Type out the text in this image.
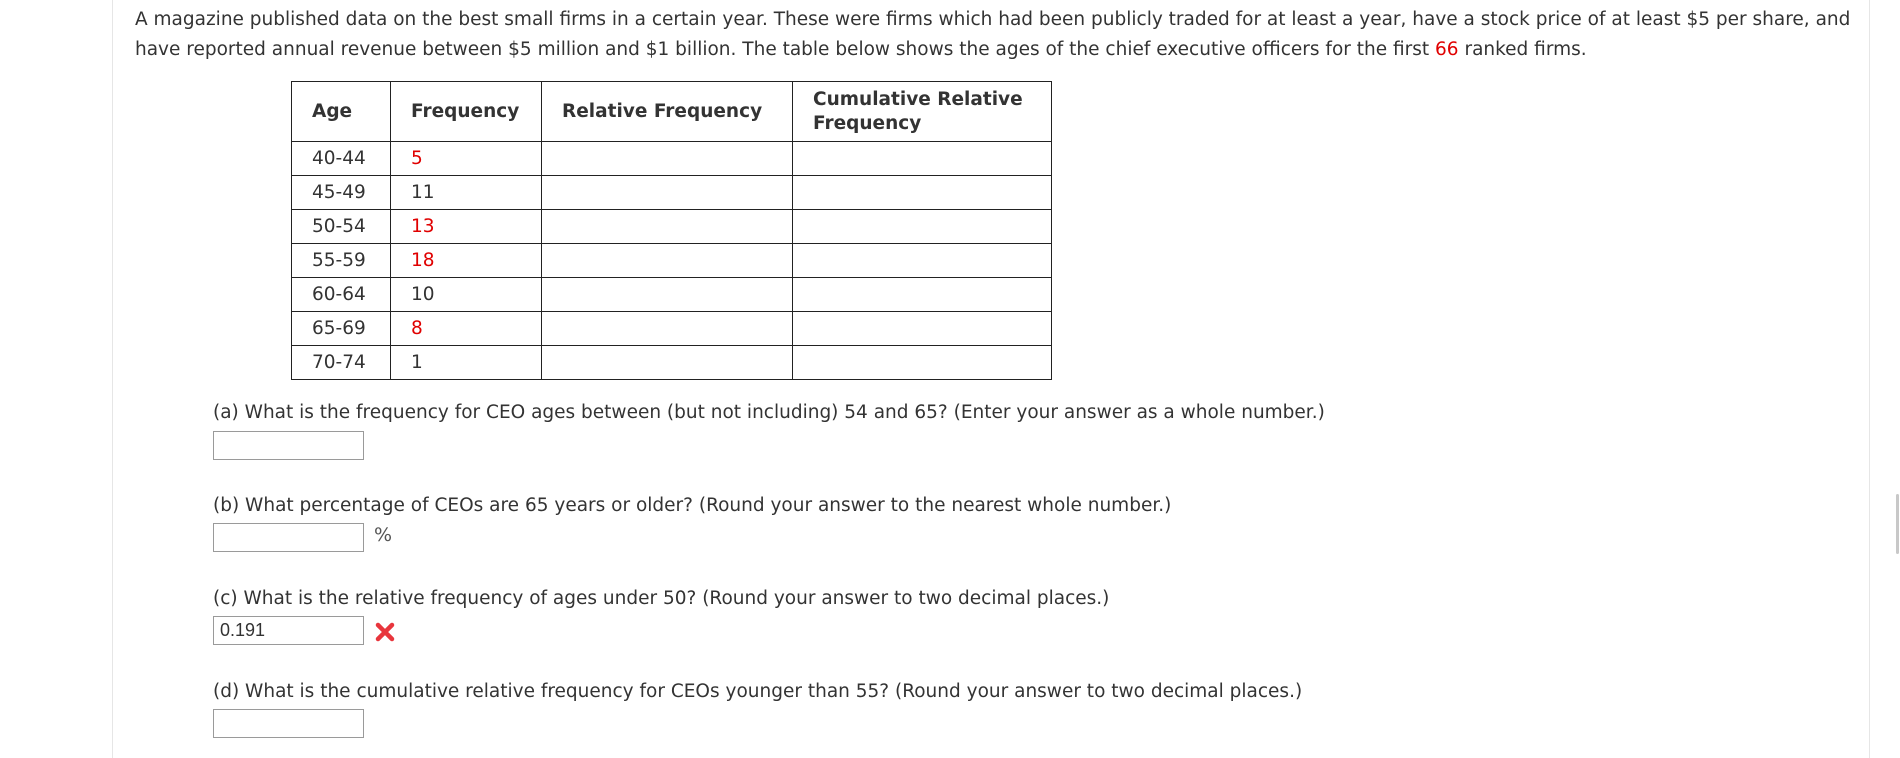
A magazine published data on the best small firms in a certain year. These were firms which had been publicly traded for at least a year, have a stock price of at least $5 per share, and have reported annual revenue between $5 million and $1 billion. The table below shows the ages of the chief executive officers for the first 66 ranked firms.
Age	Frequency	Relative Frequency	Cumulative Relative Frequency
40-44	5		
45-49	11		
50-54	13		
55-59	18		
60-64	10		
65-69	8		
70-74	1		
(a) What is the frequency for CEO ages between (but not including) 54 and 65? (Enter your answer as a whole number.)
(b) What percentage of CEOs are 65 years or older? (Round your answer to the nearest whole number.)
%
(c) What is the relative frequency of ages under 50? (Round your answer to two decimal places.)
0.191
(d) What is the cumulative relative frequency for CEOs younger than 55? (Round your answer to two decimal places.)
